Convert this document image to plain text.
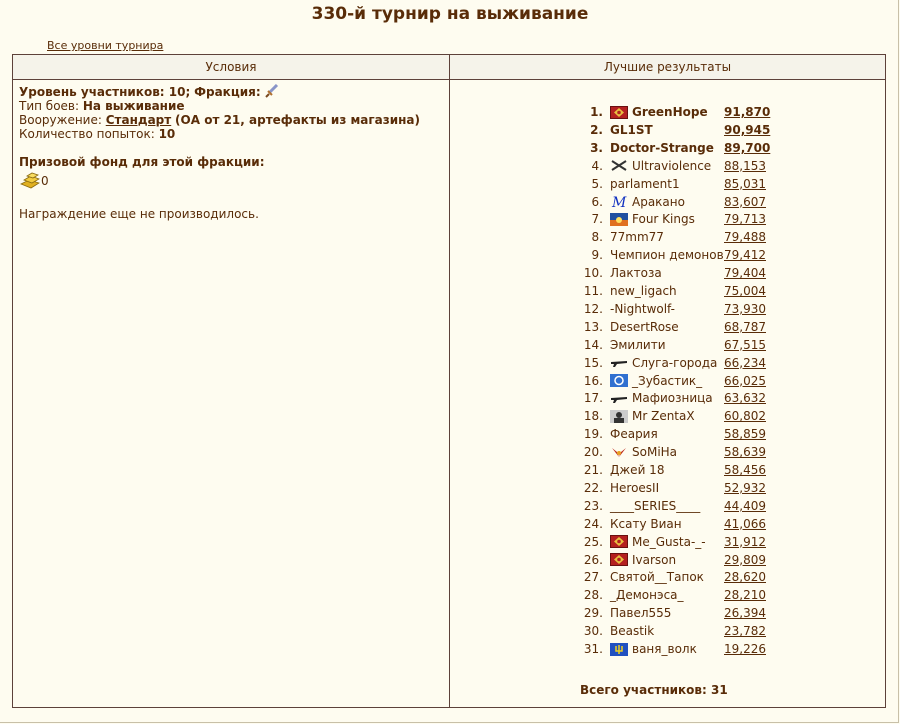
330-й турнир на выживание
Все уровни турнира
Условия	Лучшие результаты
Уровень участников: 10; Фракция:
Тип боев: На выживание
Вооружение: Стандарт (ОА от 21, артефакты из магазина)
Количество попыток: 10
Призовой фонд для этой фракции:
0
Награждение еще не производилось.
1. GreenHope 91,870
2. GL1ST	90,945
3. Doctor-Strange 89,700
4. Ultraviolence 88,153
5. parlament1	85,031
6. M Аракано	83,607
7. Four Kings 79,713
8. 77mm77	79,488
9. Чемпион демонов 79,412
10. Лактоза	79,404
11. new_ligach	75,004
12. -Nightwolf-	73,930
13. DesertRose	68,787
14. Эмилити	67,515
15. Слуга-города 66,234
16. _Зубастик_ 66,025
17. Мафиозница 63,632
18. Mr ZentaX 60,802
19. Феария	58,859
20. SoMiHa	58,639
21. Джей 18	58,456
22. HeroesII	52,932
23. ____SERIES____ 44,409
24. Ксату Виан	41,066
25. Me_Gusta-_- 31,912
26. Ivarson	29,809
27. Святой__Тапок 28,620
28. _Демонэса_	28,210
29. Павел555	26,394
30. Beastik	23,782
31. ваня_волк 19,226
Всего участников: 31
